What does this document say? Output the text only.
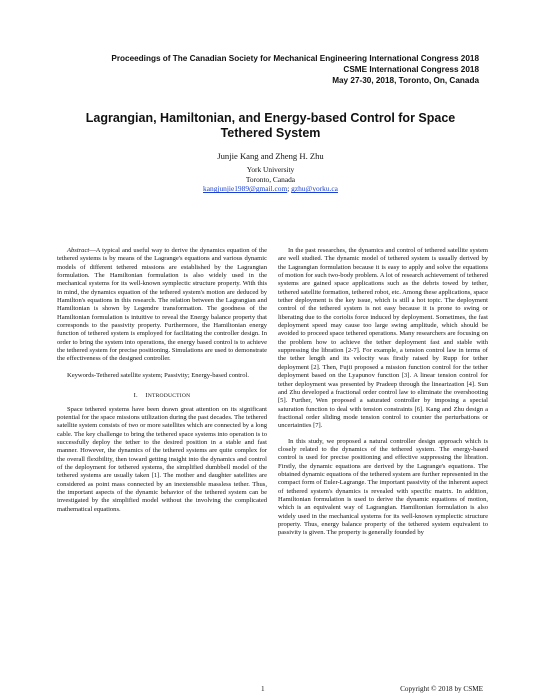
Proceedings of The Canadian Society for Mechanical Engineering International Congress 2018
CSME International Congress 2018
May 27-30, 2018, Toronto, On, Canada
Lagrangian, Hamiltonian, and Energy-based Control for Space Tethered System
Junjie Kang and Zheng H. Zhu
York University
Toronto, Canada
kangjunjie1989@gmail.com; gzhu@yorku.ca

Abstract—A typical and useful way to derive the dynamics equation of the tethered systems is by means of the Lagrange's equations and various dynamic models of different tethered missions are established by the Lagrangian formulation. The Hamiltonian formulation is also widely used in the mechanical systems for its well-known symplectic structure property. With this in mind, the dynamics equation of the tethered system's motion are deduced by Hamilton's equations in this research. The relation between the Lagrangian and Hamiltonian is shown by Legendre transformation. The goodness of the Hamiltonian formulation is intuitive to reveal the Energy balance property that corresponds to the passivity property. Furthermore, the Hamiltonian energy function of tethered system is employed for facilitating the controller design. In order to bring the system into operations, the energy based control is to achieve the tethered system for precise positioning. Simulations are used to demonstrate the effectiveness of the designed controller.

Keywords-Tethered satellite system; Passivity; Energy-based control.

I. INTRODUCTION

Space tethered systems have been drawn great attention on its significant potential for the space missions utilization during the past decades. The tethered satellite system consists of two or more satellites which are connected by a long cable. The key challenge to bring the tethered space systems into operation is to successfully deploy the tether to the desired position in a stable and fast manner. However, the dynamics of the tethered systems are quite complex for the overall flexibility, then toward getting insight into the dynamics and control of the deployment for tethered systems, the simplified dumbbell model of the tethered systems are usually taken [1]. The mother and daughter satellites are considered as point mass connected by an inextensible massless tether. Thus, the important aspects of the dynamic behavior of the tethered system can be investigated by the simplified model without the involving the complicated mathematical equations.

In the past researches, the dynamics and control of tethered satellite system are well studied. The dynamic model of tethered system is usually derived by the Lagrangian formulation because it is easy to apply and solve the equations of motion for such two-body problem. A lot of research achievement of tethered systems are gained space applications such as the debris towed by tether, tethered satellite formation, tethered robot, etc. Among these applications, space tether deployment is the key issue, which is still a hot topic. The deployment control of the tethered system is not easy because it is prone to swing or liberating due to the coriolis force induced by deployment. Sometimes, the fast deployment speed may cause too large swing amplitude, which should be avoided to proceed space tethered operations. Many researchers are focusing on the problem how to achieve the tether deployment fast and stable with suppressing the libration [2-7]. For example, a tension control law in terms of the tether length and its velocity was firstly raised by Rupp for tether deployment [2]. Then, Fujii proposed a mission function control for the tether deployment based on the Lyapunov function [3]. A linear tension control for tether deployment was presented by Pradeep through the linearization [4]. Sun and Zhu developed a fractional order control law to eliminate the overshooting [5]. Further, Wen proposed a saturated controller by imposing a special saturation function to deal with tension constraints [6]. Kang and Zhu design a fractional order sliding mode tension control to counter the perturbations or uncertainties [7].

In this study, we proposed a natural controller design approach which is closely related to the dynamics of the tethered system. The energy-based control is used for precise positioning and effective suppressing the libration. Firstly, the dynamic equations are derived by the Lagrange's equations. The obtained dynamic equations of the tethered system are further represented in the compact form of Euler-Lagrange. The important passivity of the inherent aspect of tethered system's dynamics is revealed with specific matrix. In addition, Hamiltonian formulation is used to derive the dynamic equations of motion, which is an equivalent way of Lagrangian. Hamiltonian formulation is also widely used in the mechanical systems for its well-known symplectic structure property. Thus, energy balance property of the tethered system equivalent to passivity is given. The property is generally founded by

1	Copyright © 2018 by CSME
